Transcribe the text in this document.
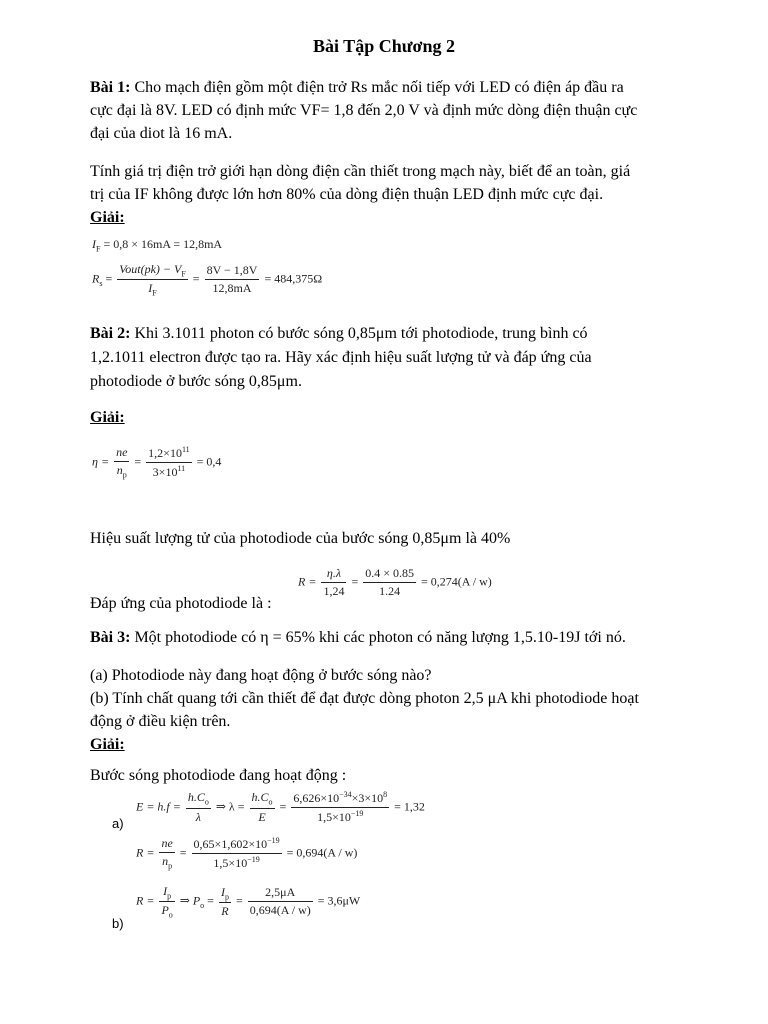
Bài Tập Chương 2
Bài 1: Cho mạch điện gồm một điện trở Rs mắc nối tiếp với LED có điện áp đầu ra
cực đại là 8V. LED có định mức VF= 1,8 đến 2,0 V và định mức dòng điện thuận cực
đại của diot là 16 mA.
Tính giá trị điện trở giới hạn dòng điện cần thiết trong mạch này, biết để an toàn, giá
trị của IF không được lớn hơn 80% của dòng điện thuận LED định mức cực đại.
Giải:
$I_F = 0,8 \times 16mA = 12,8mA$
$R_s = \frac{Vout(pk) - V_F}{I_F} = \frac{8V - 1,8V}{12,8mA} = 484,375\Omega$
Bài 2: Khi 3.1011 photon có bước sóng 0,85μm tới photodiode, trung bình có
1,2.1011 electron được tạo ra. Hãy xác định hiệu suất lượng tử và đáp ứng của
photodiode ở bước sóng 0,85μm.
Giải:
$\eta = \frac{ne}{n_p} = \frac{1,2\times 10^{11}}{3\times 10^{11}} = 0,4$
Hiệu suất lượng tử của photodiode của bước sóng 0,85μm là 40%
$R = \frac{\eta.\lambda}{1,24} = \frac{0.4 \times 0.85}{1.24} = 0,274(A / w)$
Đáp ứng của photodiode là :
Bài 3: Một photodiode có η = 65% khi các photon có năng lượng 1,5.10-19J tới nó.
(a) Photodiode này đang hoạt động ở bước sóng nào?
(b) Tính chất quang tới cần thiết để đạt được dòng photon 2,5 μA khi photodiode hoạt
động ở điều kiện trên.
Giải:
Bước sóng photodiode đang hoạt động :
$E = h.f = \frac{h.C_o}{\lambda}$ ⇒ $\lambda = \frac{h.C_o}{E} = \frac{6,626\times 10^{-34}\times 3\times 10^8}{1,5\times 10^{-19}} = 1,32$
a)
$R = \frac{ne}{n_p} = \frac{0,65\times 1,602\times 10^{-19}}{1,5\times 10^{-19}} = 0,694(A / w)$
$R = \frac{I_p}{P_o}$ ⇒ $P_o = \frac{I_p}{R} = \frac{2,5\mu A}{0,694(A / w)} = 3,6\mu W$
b)
